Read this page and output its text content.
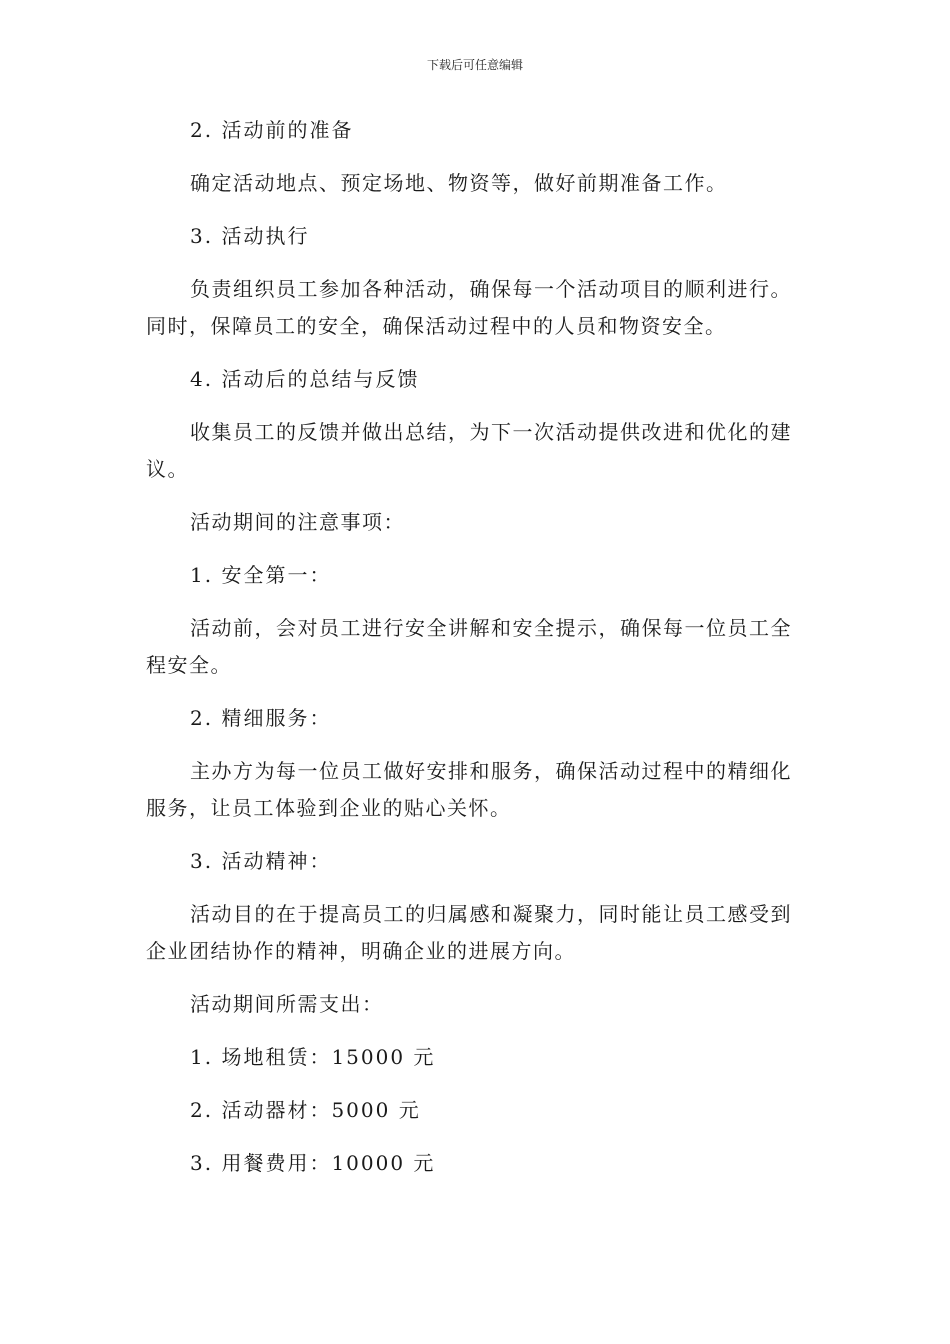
下载后可任意编辑

2. 活动前的准备

确定活动地点、预定场地、物资等，做好前期准备工作。

3. 活动执行

负责组织员工参加各种活动，确保每一个活动项目的顺利进行。同时，保障员工的安全，确保活动过程中的人员和物资安全。

4. 活动后的总结与反馈

收集员工的反馈并做出总结，为下一次活动提供改进和优化的建议。

活动期间的注意事项：

1. 安全第一：

活动前，会对员工进行安全讲解和安全提示，确保每一位员工全程安全。

2. 精细服务：

主办方为每一位员工做好安排和服务，确保活动过程中的精细化服务，让员工体验到企业的贴心关怀。

3. 活动精神：

活动目的在于提高员工的归属感和凝聚力，同时能让员工感受到企业团结协作的精神，明确企业的进展方向。

活动期间所需支出：

1. 场地租赁：15000 元

2. 活动器材：5000 元

3. 用餐费用：10000 元
